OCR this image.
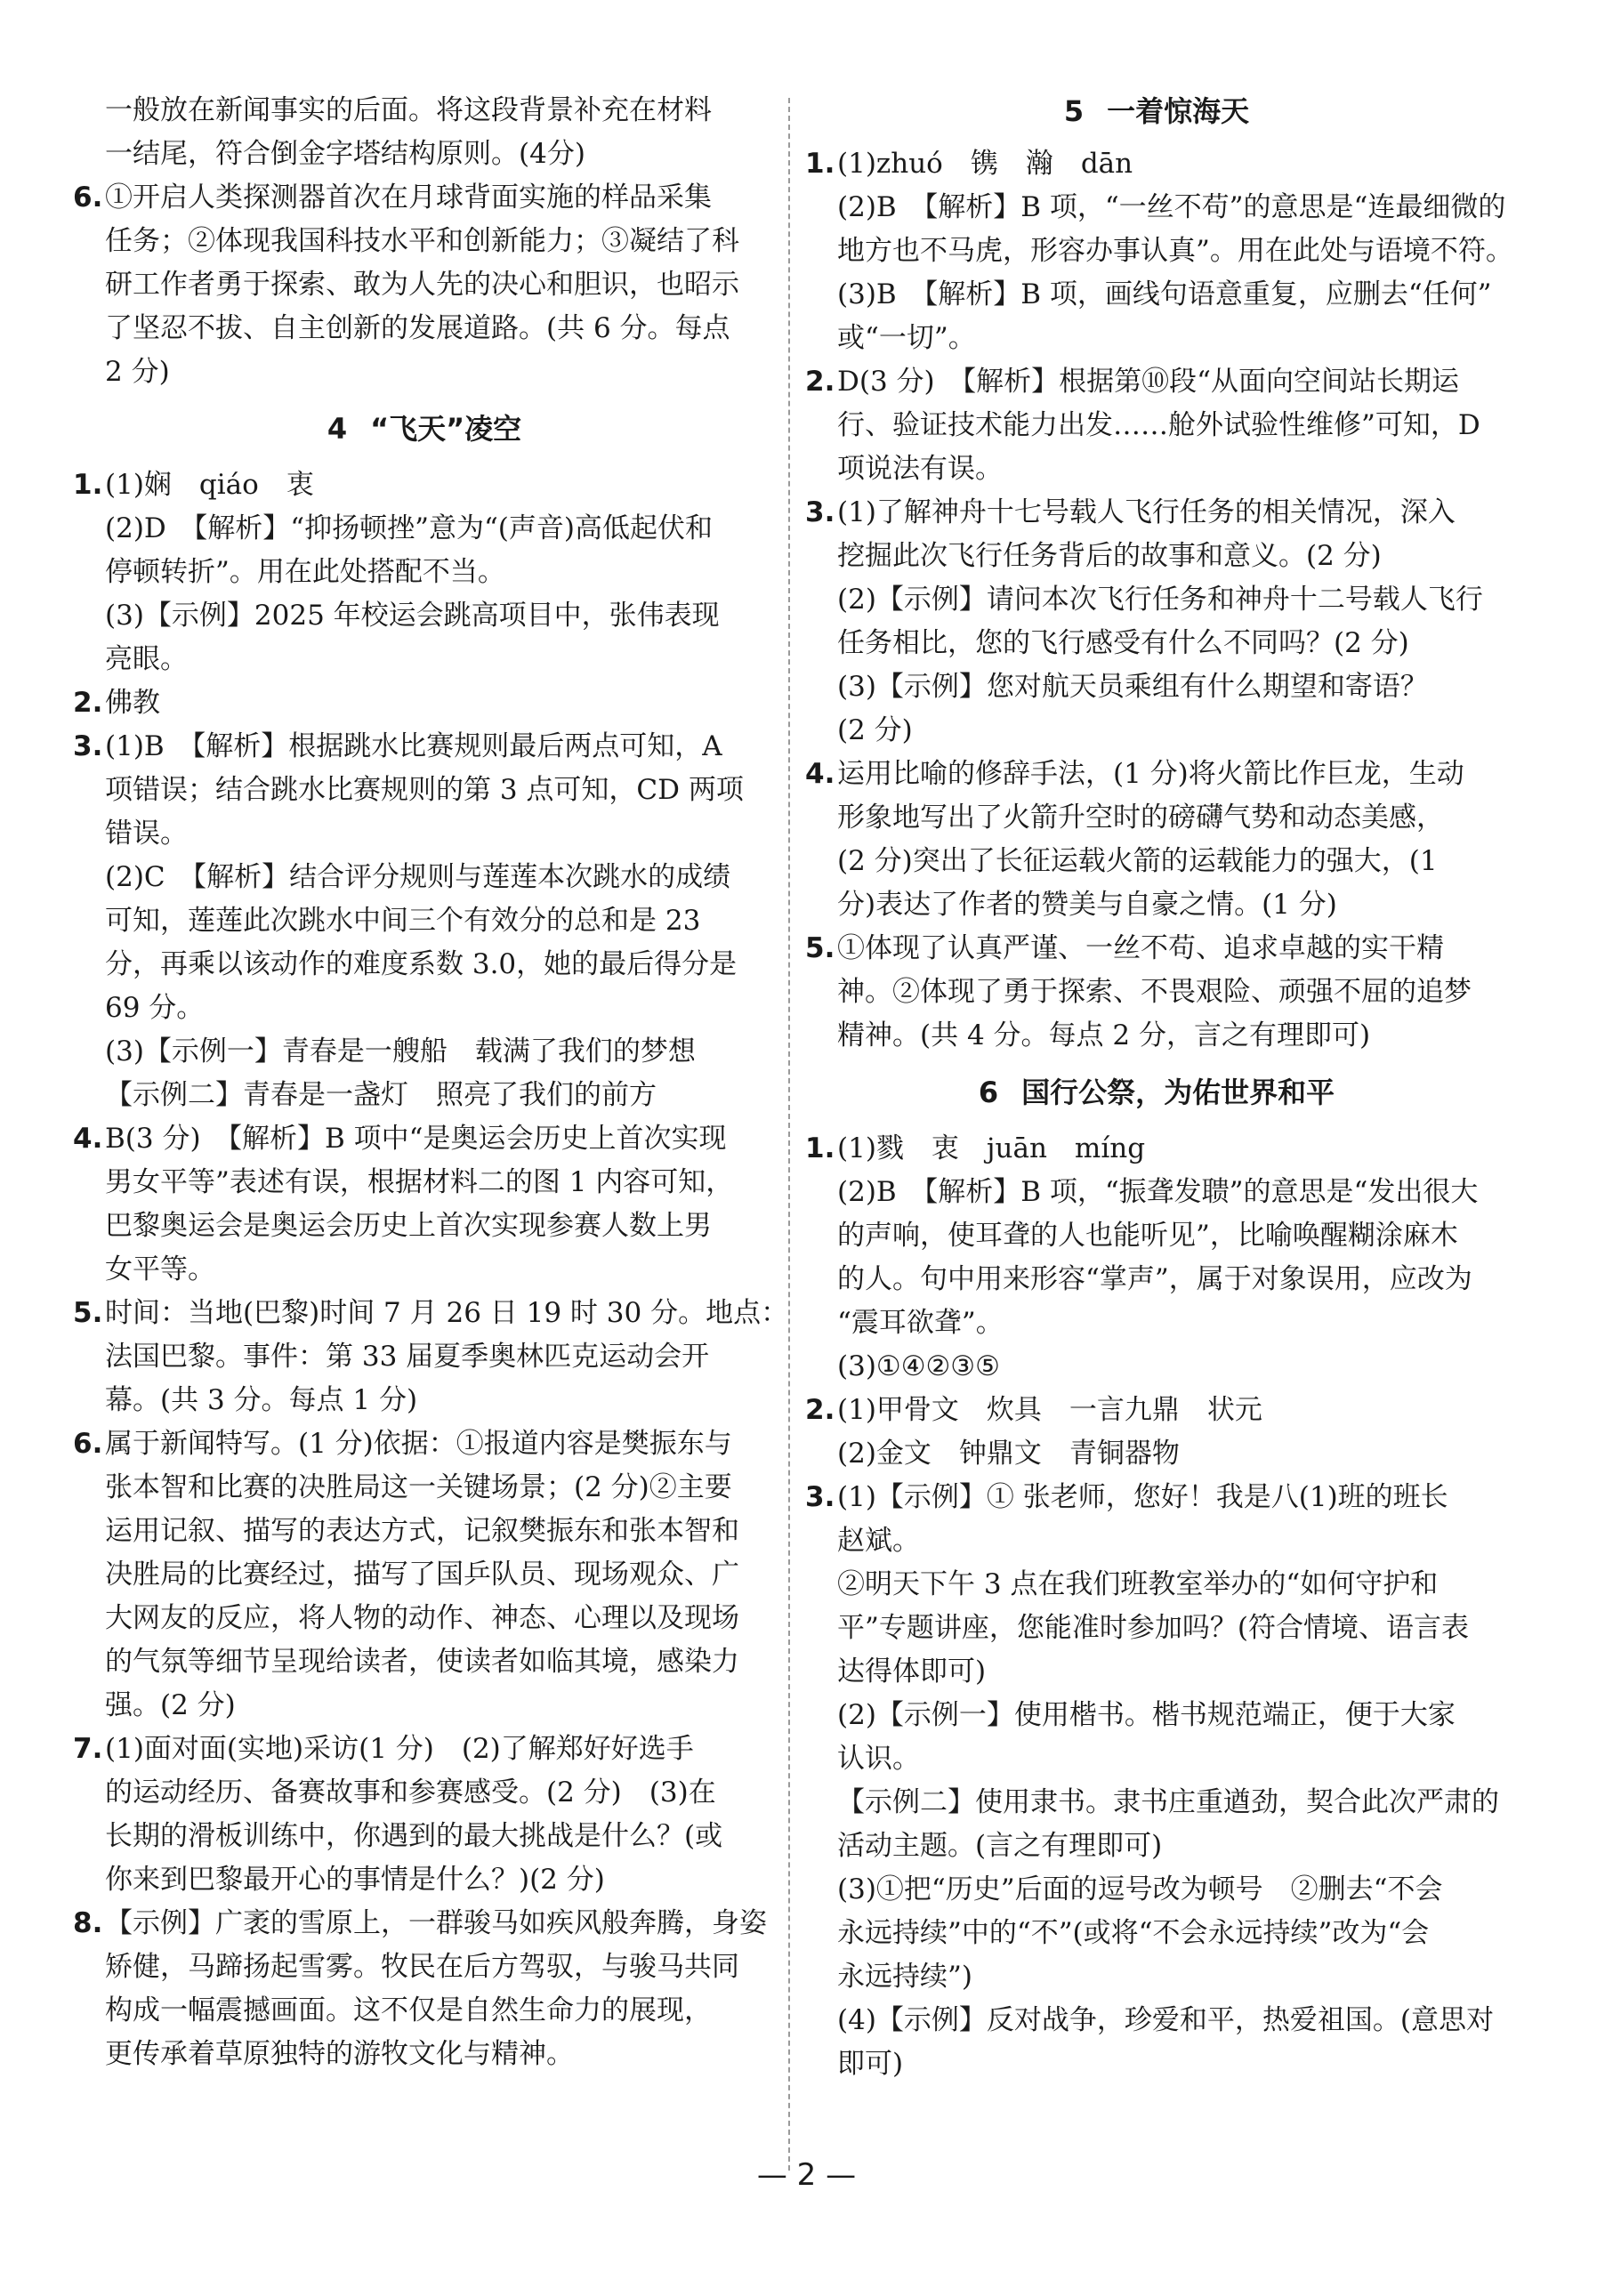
一般放在新闻事实的后面。将这段背景补充在材料
一结尾，符合倒金字塔结构原则。(4分)
6. ①开启人类探测器首次在月球背面实施的样品采集
任务；②体现我国科技水平和创新能力；③凝结了科
研工作者勇于探索、敢为人先的决心和胆识，也昭示
了坚忍不拔、自主创新的发展道路。(共 6 分。每点
2 分)
4 “飞天”凌空
1. (1)娴　qiáo　衷
(2)D　【解析】“抑扬顿挫”意为“(声音)高低起伏和
停顿转折”。用在此处搭配不当。
(3)【示例】2025 年校运会跳高项目中，张伟表现
亮眼。
2. 佛教
3. (1)B　【解析】根据跳水比赛规则最后两点可知，A
项错误；结合跳水比赛规则的第 3 点可知，CD 两项
错误。
(2)C　【解析】结合评分规则与莲莲本次跳水的成绩
可知，莲莲此次跳水中间三个有效分的总和是 23
分，再乘以该动作的难度系数 3.0，她的最后得分是
69 分。
(3)【示例一】青春是一艘船　载满了我们的梦想
【示例二】青春是一盏灯　照亮了我们的前方
4. B(3 分)　【解析】B 项中“是奥运会历史上首次实现
男女平等”表述有误，根据材料二的图 1 内容可知，
巴黎奥运会是奥运会历史上首次实现参赛人数上男
女平等。
5. 时间：当地(巴黎)时间 7 月 26 日 19 时 30 分。地点：
法国巴黎。事件：第 33 届夏季奥林匹克运动会开
幕。(共 3 分。每点 1 分)
6. 属于新闻特写。(1 分)依据：①报道内容是樊振东与
张本智和比赛的决胜局这一关键场景；(2 分)②主要
运用记叙、描写的表达方式，记叙樊振东和张本智和
决胜局的比赛经过，描写了国乒队员、现场观众、广
大网友的反应，将人物的动作、神态、心理以及现场
的气氛等细节呈现给读者，使读者如临其境，感染力
强。(2 分)
7. (1)面对面(实地)采访(1 分)　(2)了解郑好好选手
的运动经历、备赛故事和参赛感受。(2 分)　(3)在
长期的滑板训练中，你遇到的最大挑战是什么？(或
你来到巴黎最开心的事情是什么？)(2 分)
8. 【示例】广袤的雪原上，一群骏马如疾风般奔腾，身姿
矫健，马蹄扬起雪雾。牧民在后方驾驭，与骏马共同
构成一幅震撼画面。这不仅是自然生命力的展现，
更传承着草原独特的游牧文化与精神。
5 一着惊海天
1. (1)zhuó　镌　瀚　dān
(2)B　【解析】B 项，“一丝不苟”的意思是“连最细微的
地方也不马虎，形容办事认真”。用在此处与语境不符。
(3)B　【解析】B 项，画线句语意重复，应删去“任何”
或“一切”。
2. D(3 分)　【解析】根据第⑩段“从面向空间站长期运
行、验证技术能力出发……舱外试验性维修”可知，D
项说法有误。
3. (1)了解神舟十七号载人飞行任务的相关情况，深入
挖掘此次飞行任务背后的故事和意义。(2 分)
(2)【示例】请问本次飞行任务和神舟十二号载人飞行
任务相比，您的飞行感受有什么不同吗？(2 分)
(3)【示例】您对航天员乘组有什么期望和寄语？
(2 分)
4. 运用比喻的修辞手法，(1 分)将火箭比作巨龙，生动
形象地写出了火箭升空时的磅礴气势和动态美感，
(2 分)突出了长征运载火箭的运载能力的强大，(1
分)表达了作者的赞美与自豪之情。(1 分)
5. ①体现了认真严谨、一丝不苟、追求卓越的实干精
神。②体现了勇于探索、不畏艰险、顽强不屈的追梦
精神。(共 4 分。每点 2 分，言之有理即可)
6 国行公祭，为佑世界和平
1. (1)戮　衷　juān　míng
(2)B　【解析】B 项，“振聋发聩”的意思是“发出很大
的声响，使耳聋的人也能听见”，比喻唤醒糊涂麻木
的人。句中用来形容“掌声”，属于对象误用，应改为
“震耳欲聋”。
(3)①④②③⑤
2. (1)甲骨文　炊具　一言九鼎　状元
(2)金文　钟鼎文　青铜器物
3. (1)【示例】① 张老师，您好！我是八(1)班的班长
赵斌。
②明天下午 3 点在我们班教室举办的“如何守护和
平”专题讲座，您能准时参加吗？(符合情境、语言表
达得体即可)
(2)【示例一】使用楷书。楷书规范端正，便于大家
认识。
【示例二】使用隶书。隶书庄重遒劲，契合此次严肃的
活动主题。(言之有理即可)
(3)①把“历史”后面的逗号改为顿号　②删去“不会
永远持续”中的“不”(或将“不会永远持续”改为“会
永远持续”)
(4)【示例】反对战争，珍爱和平，热爱祖国。(意思对
即可)
— 2 —
